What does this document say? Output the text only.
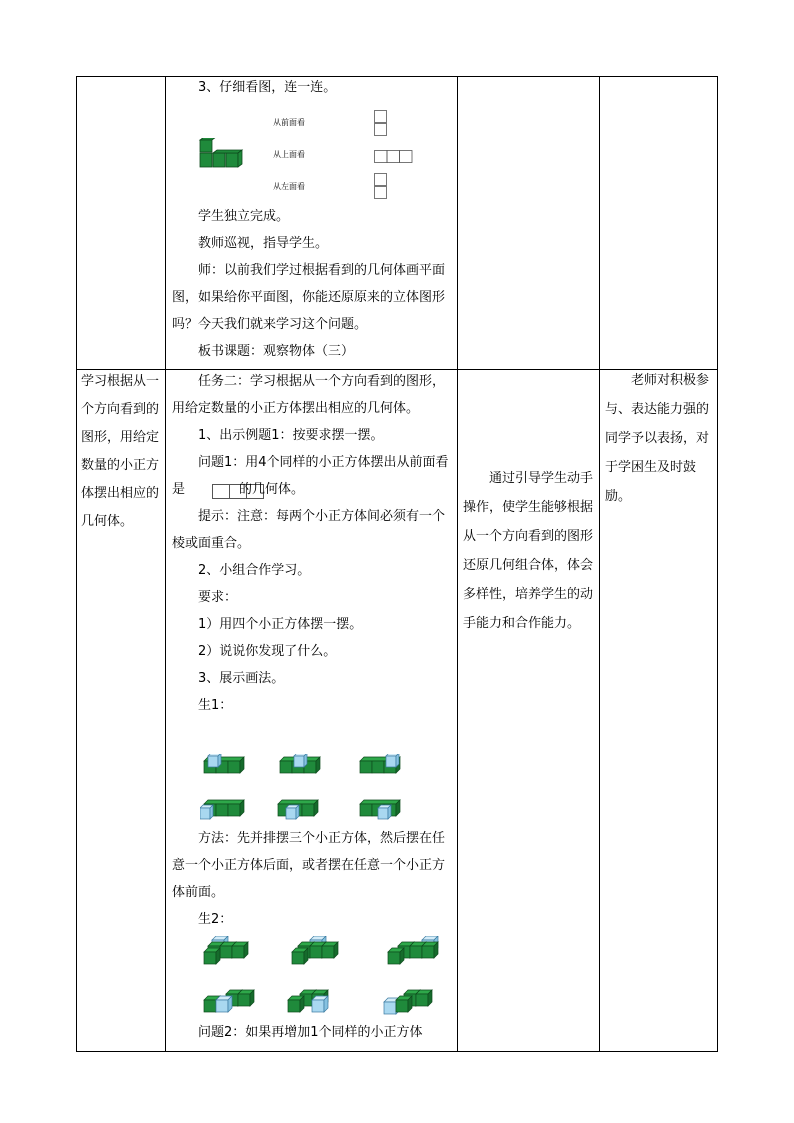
3、仔细看图，连一连。

从前面看
从上面看
从左面看

学生独立完成。

教师巡视，指导学生。

师：以前我们学过根据看到的几何体画平面图，如果给你平面图，你能还原原来的立体图形吗？今天我们就来学习这个问题。

板书课题：观察物体（三）

学习根据从一个方向看到的图形，用给定数量的小正方体摆出相应的几何体。

任务二：学习根据从一个方向看到的图形，用给定数量的小正方体摆出相应的几何体。

1、出示例题1：按要求摆一摆。

问题1：用4个同样的小正方体摆出从前面看是	的几何体。

提示：注意：每两个小正方体间必须有一个棱或面重合。

2、小组合作学习。

要求：

1）用四个小正方体摆一摆。

2）说说你发现了什么。

3、展示画法。

生1：

方法：先并排摆三个小正方体，然后摆在任意一个小正方体后面，或者摆在任意一个小正方体前面。

生2：

问题2：如果再增加1个同样的小正方体

通过引导学生动手操作，使学生能够根据从一个方向看到的图形还原几何组合体，体会多样性，培养学生的动手能力和合作能力。

老师对积极参与、表达能力强的同学予以表扬，对于学困生及时鼓励。
